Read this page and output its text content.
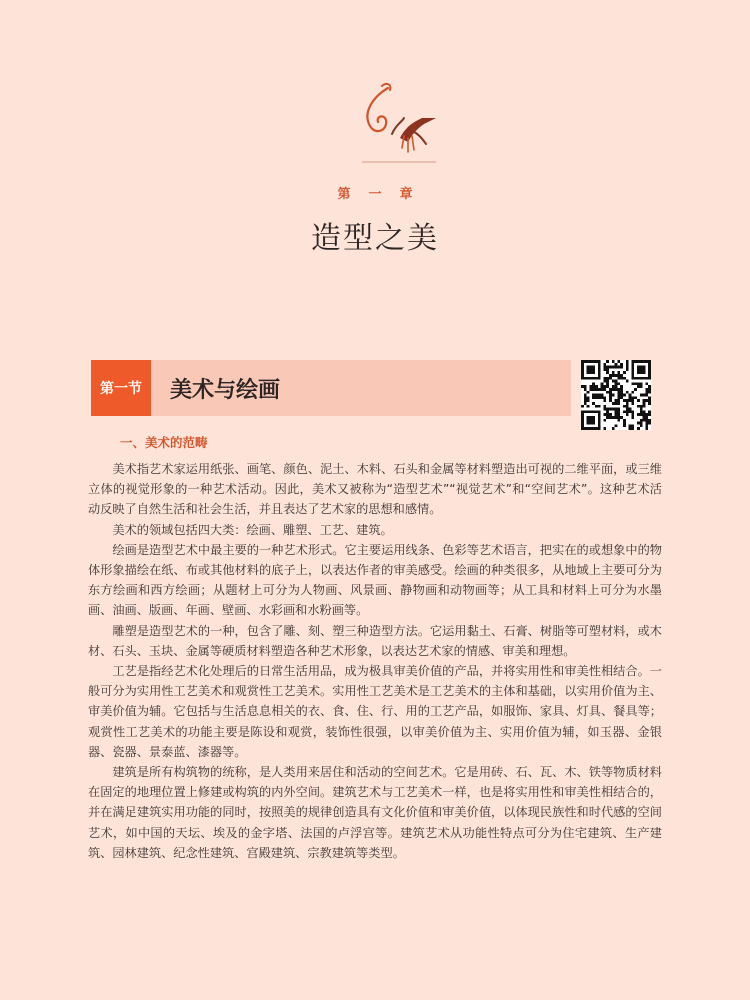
第一章
造型之美
第一节	美术与绘画
一、美术的范畴

美术指艺术家运用纸张、画笔、颜色、泥土、木料、石头和金属等材料塑造出可视的二维平面，或三维立体的视觉形象的一种艺术活动。因此，美术又被称为“造型艺术”“视觉艺术”和“空间艺术”。这种艺术活动反映了自然生活和社会生活，并且表达了艺术家的思想和感情。

美术的领域包括四大类：绘画、雕塑、工艺、建筑。

绘画是造型艺术中最主要的一种艺术形式。它主要运用线条、色彩等艺术语言，把实在的或想象中的物体形象描绘在纸、布或其他材料的底子上，以表达作者的审美感受。绘画的种类很多，从地域上主要可分为东方绘画和西方绘画；从题材上可分为人物画、风景画、静物画和动物画等；从工具和材料上可分为水墨画、油画、版画、年画、壁画、水彩画和水粉画等。

雕塑是造型艺术的一种，包含了雕、刻、塑三种造型方法。它运用黏土、石膏、树脂等可塑材料，或木材、石头、玉块、金属等硬质材料塑造各种艺术形象，以表达艺术家的情感、审美和理想。

工艺是指经艺术化处理后的日常生活用品，成为极具审美价值的产品，并将实用性和审美性相结合。一般可分为实用性工艺美术和观赏性工艺美术。实用性工艺美术是工艺美术的主体和基础，以实用价值为主、审美价值为辅。它包括与生活息息相关的衣、食、住、行、用的工艺产品，如服饰、家具、灯具、餐具等；观赏性工艺美术的功能主要是陈设和观赏，装饰性很强，以审美价值为主、实用价值为辅，如玉器、金银器、瓷器、景泰蓝、漆器等。

建筑是所有构筑物的统称，是人类用来居住和活动的空间艺术。它是用砖、石、瓦、木、铁等物质材料在固定的地理位置上修建或构筑的内外空间。建筑艺术与工艺美术一样，也是将实用性和审美性相结合的，并在满足建筑实用功能的同时，按照美的规律创造具有文化价值和审美价值，以体现民族性和时代感的空间艺术，如中国的天坛、埃及的金字塔、法国的卢浮宫等。建筑艺术从功能性特点可分为住宅建筑、生产建筑、园林建筑、纪念性建筑、宫殿建筑、宗教建筑等类型。
